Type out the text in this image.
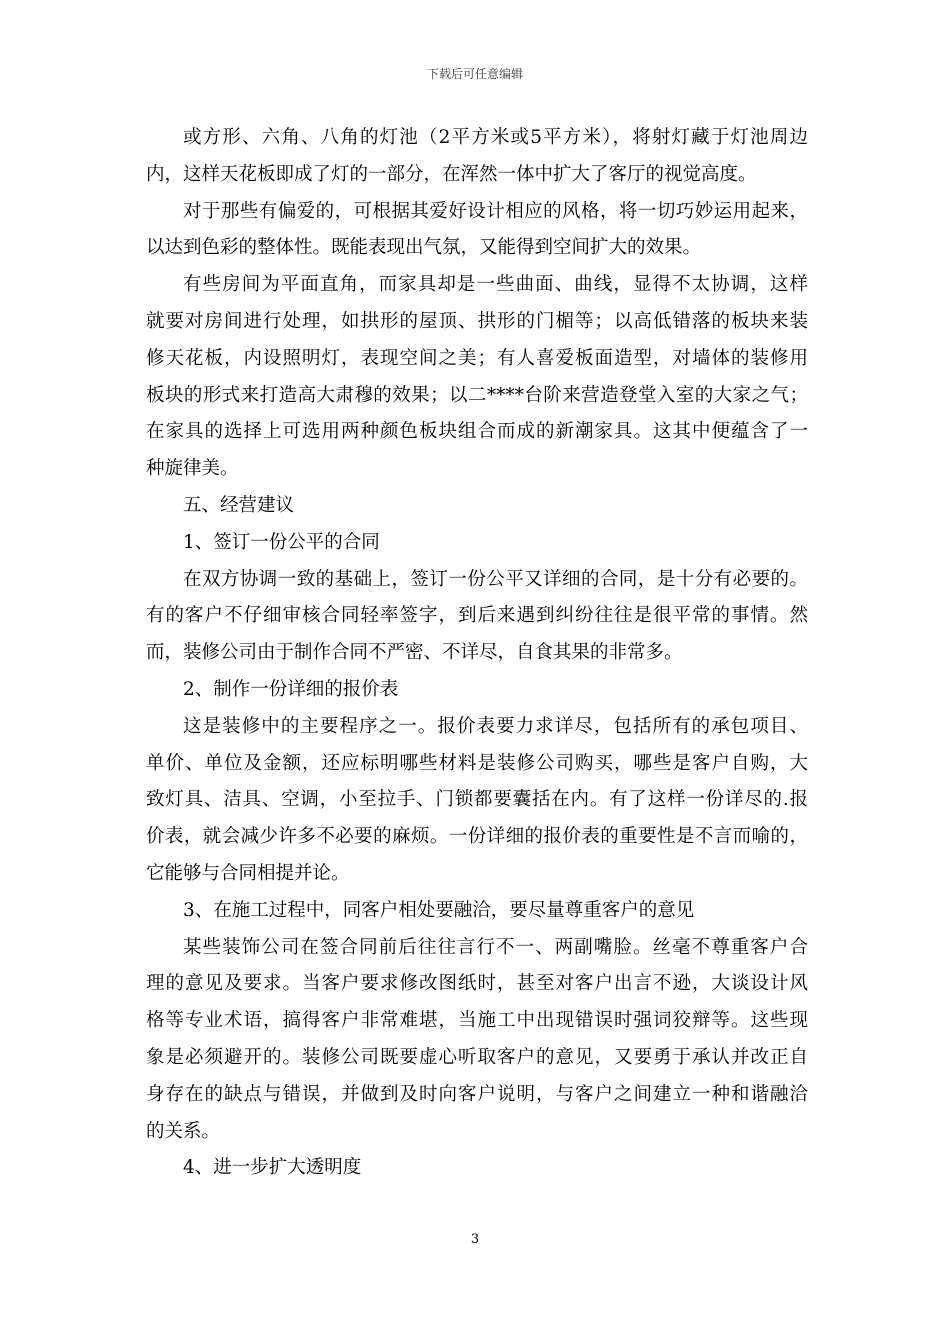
下载后可任意编辑
或方形、六角、八角的灯池（2平方米或5平方米），将射灯藏于灯池周边
内，这样天花板即成了灯的一部分，在浑然一体中扩大了客厅的视觉高度。
对于那些有偏爱的，可根据其爱好设计相应的风格，将一切巧妙运用起来，
以达到色彩的整体性。既能表现出气氛，又能得到空间扩大的效果。
有些房间为平面直角，而家具却是一些曲面、曲线，显得不太协调，这样
就要对房间进行处理，如拱形的屋顶、拱形的门楣等；以高低错落的板块来装
修天花板，内设照明灯，表现空间之美；有人喜爱板面造型，对墙体的装修用
板块的形式来打造高大肃穆的效果；以二****台阶来营造登堂入室的大家之气；
在家具的选择上可选用两种颜色板块组合而成的新潮家具。这其中便蕴含了一
种旋律美。
五、经营建议
1、签订一份公平的合同
在双方协调一致的基础上，签订一份公平又详细的合同，是十分有必要的。
有的客户不仔细审核合同轻率签字，到后来遇到纠纷往往是很平常的事情。然
而，装修公司由于制作合同不严密、不详尽，自食其果的非常多。
2、制作一份详细的报价表
这是装修中的主要程序之一。报价表要力求详尽，包括所有的承包项目、
单价、单位及金额，还应标明哪些材料是装修公司购买，哪些是客户自购，大
致灯具、洁具、空调，小至拉手、门锁都要囊括在内。有了这样一份详尽的.报
价表，就会减少许多不必要的麻烦。一份详细的报价表的重要性是不言而喻的，
它能够与合同相提并论。
3、在施工过程中，同客户相处要融洽，要尽量尊重客户的意见
某些装饰公司在签合同前后往往言行不一、两副嘴脸。丝毫不尊重客户合
理的意见及要求。当客户要求修改图纸时，甚至对客户出言不逊，大谈设计风
格等专业术语，搞得客户非常难堪，当施工中出现错误时强词狡辩等。这些现
象是必须避开的。装修公司既要虚心听取客户的意见，又要勇于承认并改正自
身存在的缺点与错误，并做到及时向客户说明，与客户之间建立一种和谐融洽
的关系。
4、进一步扩大透明度
3
